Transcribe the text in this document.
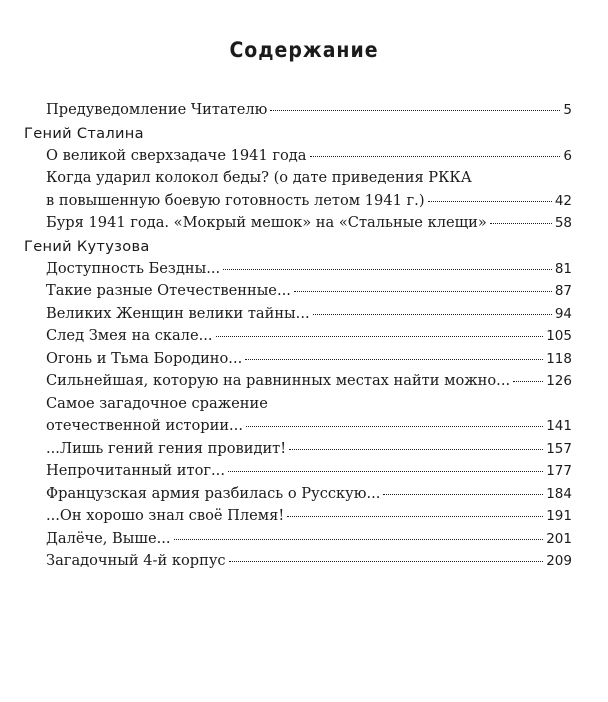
Содержание
Предуведомление Читателю	5
Гений Сталина
О великой сверхзадаче 1941 года	6
Когда ударил колокол беды? (о дате приведения РККА
в повышенную боевую готовность летом 1941 г.)	42
Буря 1941 года. «Мокрый мешок» на «Стальные клещи»	58
Гений Кутузова
Доступность Бездны...	81
Такие разные Отечественные...	87
Великих Женщин велики тайны...	94
След Змея на скале...	105
Огонь и Тьма Бородино...	118
Сильнейшая, которую на равнинных местах найти можно...	126
Самое загадочное сражение
отечественной истории...	141
...Лишь гений гения провидит!	157
Непрочитанный итог...	177
Французская армия разбилась о Русскую...	184
...Он хорошо знал своё Племя!	191
Далёче, Выше...	201
Загадочный 4-й корпус	209
